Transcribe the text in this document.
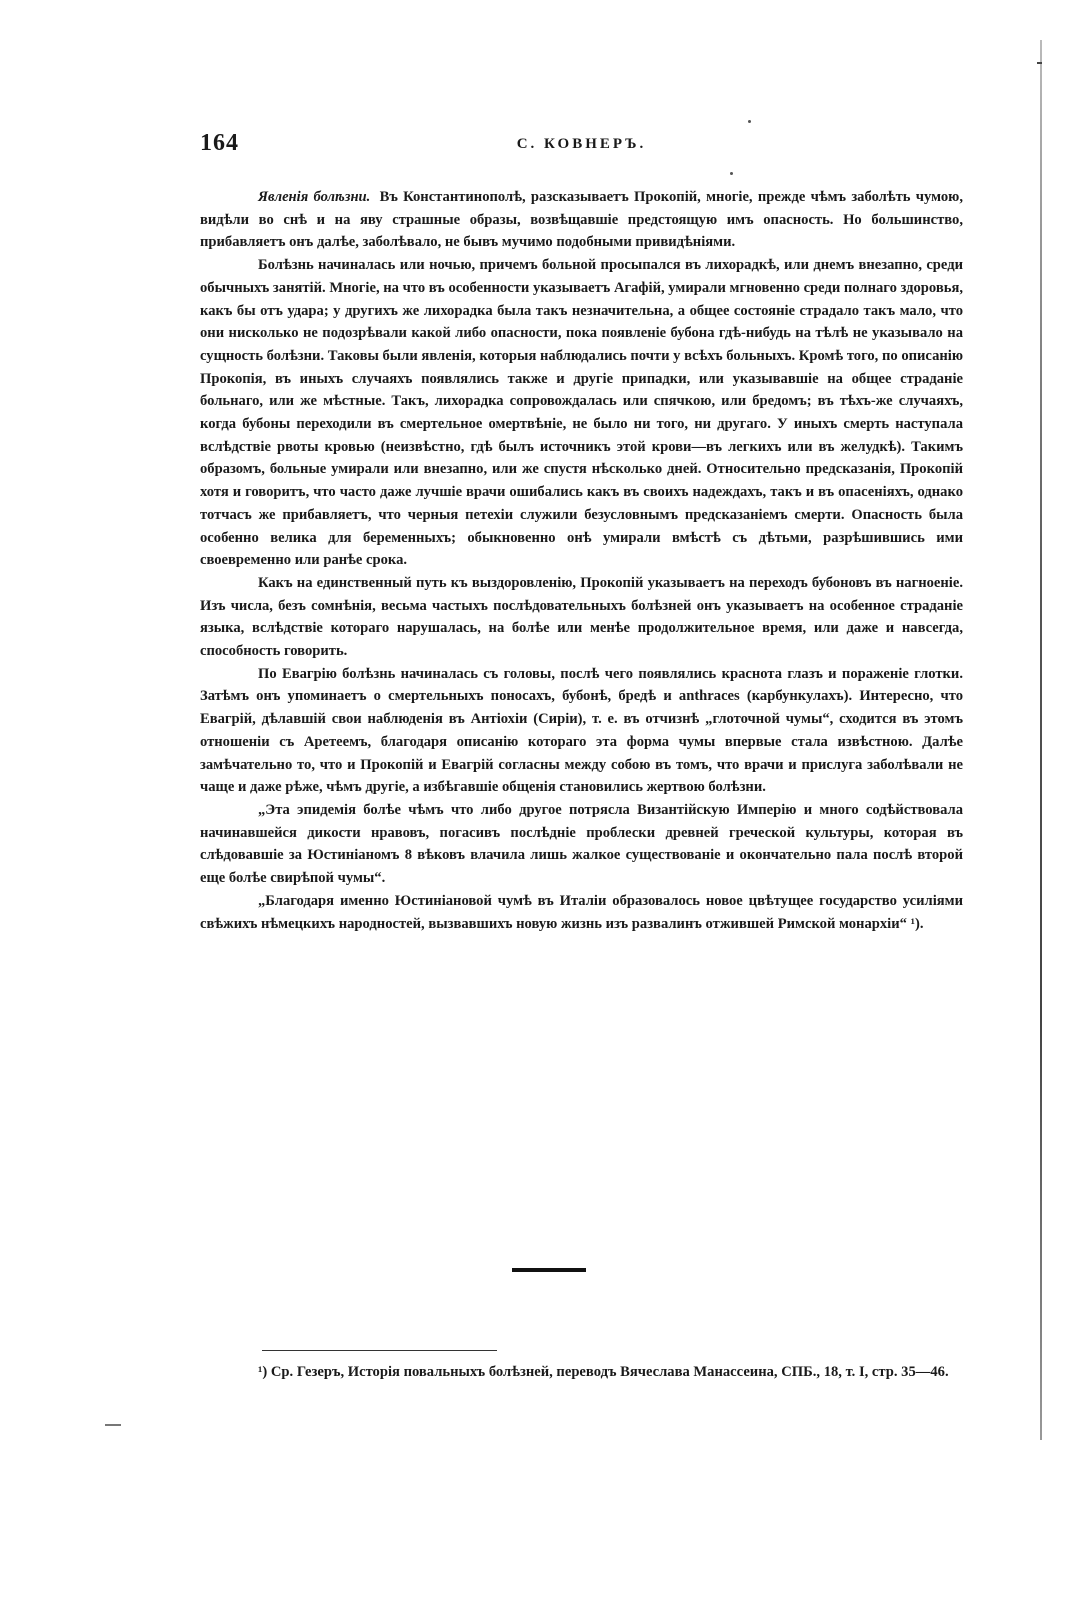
164	С. КОВНЕРЪ.

Явленія болѣзни. Въ Константинополѣ, разсказываетъ Прокопій, многіе, прежде чѣмъ заболѣть чумою, видѣли во снѣ и на яву страшные образы, возвѣщавшіе предстоящую имъ опасность. Но большинство, прибавляетъ онъ далѣе, заболѣвало, не бывъ мучимо подобными привидѣніями.

Болѣзнь начиналась или ночью, причемъ больной просыпался въ лихорадкѣ, или днемъ внезапно, среди обычныхъ занятій. Многіе, на что въ особенности указываетъ Агафій, умирали мгновенно среди полнаго здоровья, какъ бы отъ удара; у другихъ же лихорадка была такъ незначительна, а общее состояніе страдало такъ мало, что они нисколько не подозрѣвали какой либо опасности, пока появленіе бубона гдѣ-нибудь на тѣлѣ не указывало на сущность болѣзни. Таковы были явленія, которыя наблюдались почти у всѣхъ больныхъ. Кромѣ того, по описанію Прокопія, въ иныхъ случаяхъ появлялись также и другіе припадки, или указывавшіе на общее страданіе больнаго, или же мѣстные. Такъ, лихорадка сопровождалась или спячкою, или бредомъ; въ тѣхъ-же случаяхъ, когда бубоны переходили въ смертельное омертвѣніе, не было ни того, ни другаго. У иныхъ смерть наступала вслѣдствіе рвоты кровью (неизвѣстно, гдѣ былъ источникъ этой крови—въ легкихъ или въ желудкѣ). Такимъ образомъ, больные умирали или внезапно, или же спустя нѣсколько дней. Относительно предсказанія, Прокопій хотя и говоритъ, что часто даже лучшіе врачи ошибались какъ въ своихъ надеждахъ, такъ и въ опасеніяхъ, однако тотчасъ же прибавляетъ, что черныя петехіи служили безусловнымъ предсказаніемъ смерти. Опасность была особенно велика для беременныхъ; обыкновенно онѣ умирали вмѣстѣ съ дѣтьми, разрѣшившись ими своевременно или ранѣе срока.

Какъ на единственный путь къ выздоровленію, Прокопій указываетъ на переходъ бубоновъ въ нагноеніе. Изъ числа, безъ сомнѣнія, весьма частыхъ послѣдовательныхъ болѣзней онъ указываетъ на особенное страданіе языка, вслѣдствіе котораго нарушалась, на болѣе или менѣе продолжительное время, или даже и навсегда, способность говорить.

По Евагрію болѣзнь начиналась съ головы, послѣ чего появлялись краснота глазъ и пораженіе глотки. Затѣмъ онъ упоминаетъ о смертельныхъ поносахъ, бубонѣ, бредѣ и anthraces (карбункулахъ). Интересно, что Евагрій, дѣлавшій свои наблюденія въ Антіохіи (Сиріи), т. е. въ отчизнѣ „глоточной чумы“, сходится въ этомъ отношеніи съ Аретеемъ, благодаря описанію котораго эта форма чумы впервые стала извѣстною. Далѣе замѣчательно то, что и Прокопій и Евагрій согласны между собою въ томъ, что врачи и прислуга заболѣвали не чаще и даже рѣже, чѣмъ другіе, а избѣгавшіе общенія становились жертвою болѣзни.

„Эта эпидемія болѣе чѣмъ что либо другое потрясла Византійскую Имперію и много содѣйствовала начинавшейся дикости нравовъ, погасивъ послѣдніе проблески древней греческой культуры, которая въ слѣдовавшіе за Юстиніаномъ 8 вѣковъ влачила лишь жалкое существованіе и окончательно пала послѣ второй еще болѣе свирѣпой чумы“.

„Благодаря именно Юстиніановой чумѣ въ Италіи образовалось новое цвѣтущее государство усиліями свѣжихъ нѣмецкихъ народностей, вызвавшихъ новую жизнь изъ развалинъ отжившей Римской монархіи“ ¹).

¹) Ср. Гезеръ, Исторія повальныхъ болѣзней, переводъ Вячеслава Манассеина, СПБ., 18, т. I, стр. 35—46.
